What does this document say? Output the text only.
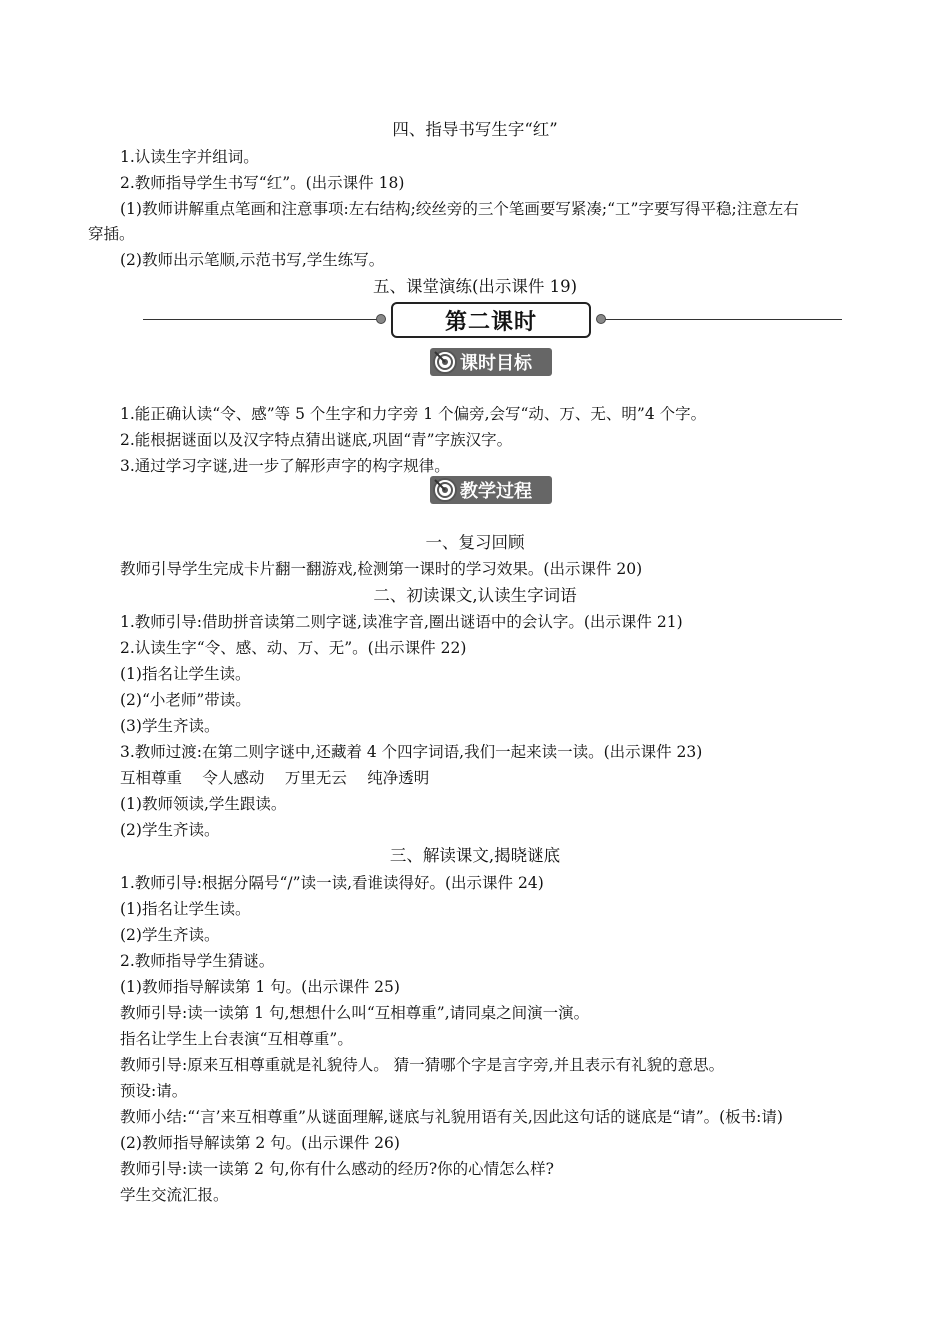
四、指导书写生字“红”
1.认读生字并组词。
2.教师指导学生书写“红”。(出示课件 18)
(1)教师讲解重点笔画和注意事项:左右结构;绞丝旁的三个笔画要写紧凑;“工”字要写得平稳;注意左右
穿插。
(2)教师出示笔顺,示范书写,学生练写。
五、课堂演练(出示课件 19)
第二课时
课时目标
1.能正确认读“令、感”等 5 个生字和力字旁 1 个偏旁,会写“动、万、无、明”4 个字。
2.能根据谜面以及汉字特点猜出谜底,巩固“青”字族汉字。
3.通过学习字谜,进一步了解形声字的构字规律。
教学过程
一、复习回顾
教师引导学生完成卡片翻一翻游戏,检测第一课时的学习效果。(出示课件 20)
二、初读课文,认读生字词语
1.教师引导:借助拼音读第二则字谜,读准字音,圈出谜语中的会认字。(出示课件 21)
2.认读生字“令、感、动、万、无”。(出示课件 22)
(1)指名让学生读。
(2)“小老师”带读。
(3)学生齐读。
3.教师过渡:在第二则字谜中,还藏着 4 个四字词语,我们一起来读一读。(出示课件 23)
互相尊重　 令人感动　 万里无云　 纯净透明
(1)教师领读,学生跟读。
(2)学生齐读。
三、解读课文,揭晓谜底
1.教师引导:根据分隔号“/”读一读,看谁读得好。(出示课件 24)
(1)指名让学生读。
(2)学生齐读。
2.教师指导学生猜谜。
(1)教师指导解读第 1 句。(出示课件 25)
教师引导:读一读第 1 句,想想什么叫“互相尊重”,请同桌之间演一演。
指名让学生上台表演“互相尊重”。
教师引导:原来互相尊重就是礼貌待人。 猜一猜哪个字是言字旁,并且表示有礼貌的意思。
预设:请。
教师小结:“‘言’来互相尊重”从谜面理解,谜底与礼貌用语有关,因此这句话的谜底是“请”。(板书:请)
(2)教师指导解读第 2 句。(出示课件 26)
教师引导:读一读第 2 句,你有什么感动的经历?你的心情怎么样?
学生交流汇报。
